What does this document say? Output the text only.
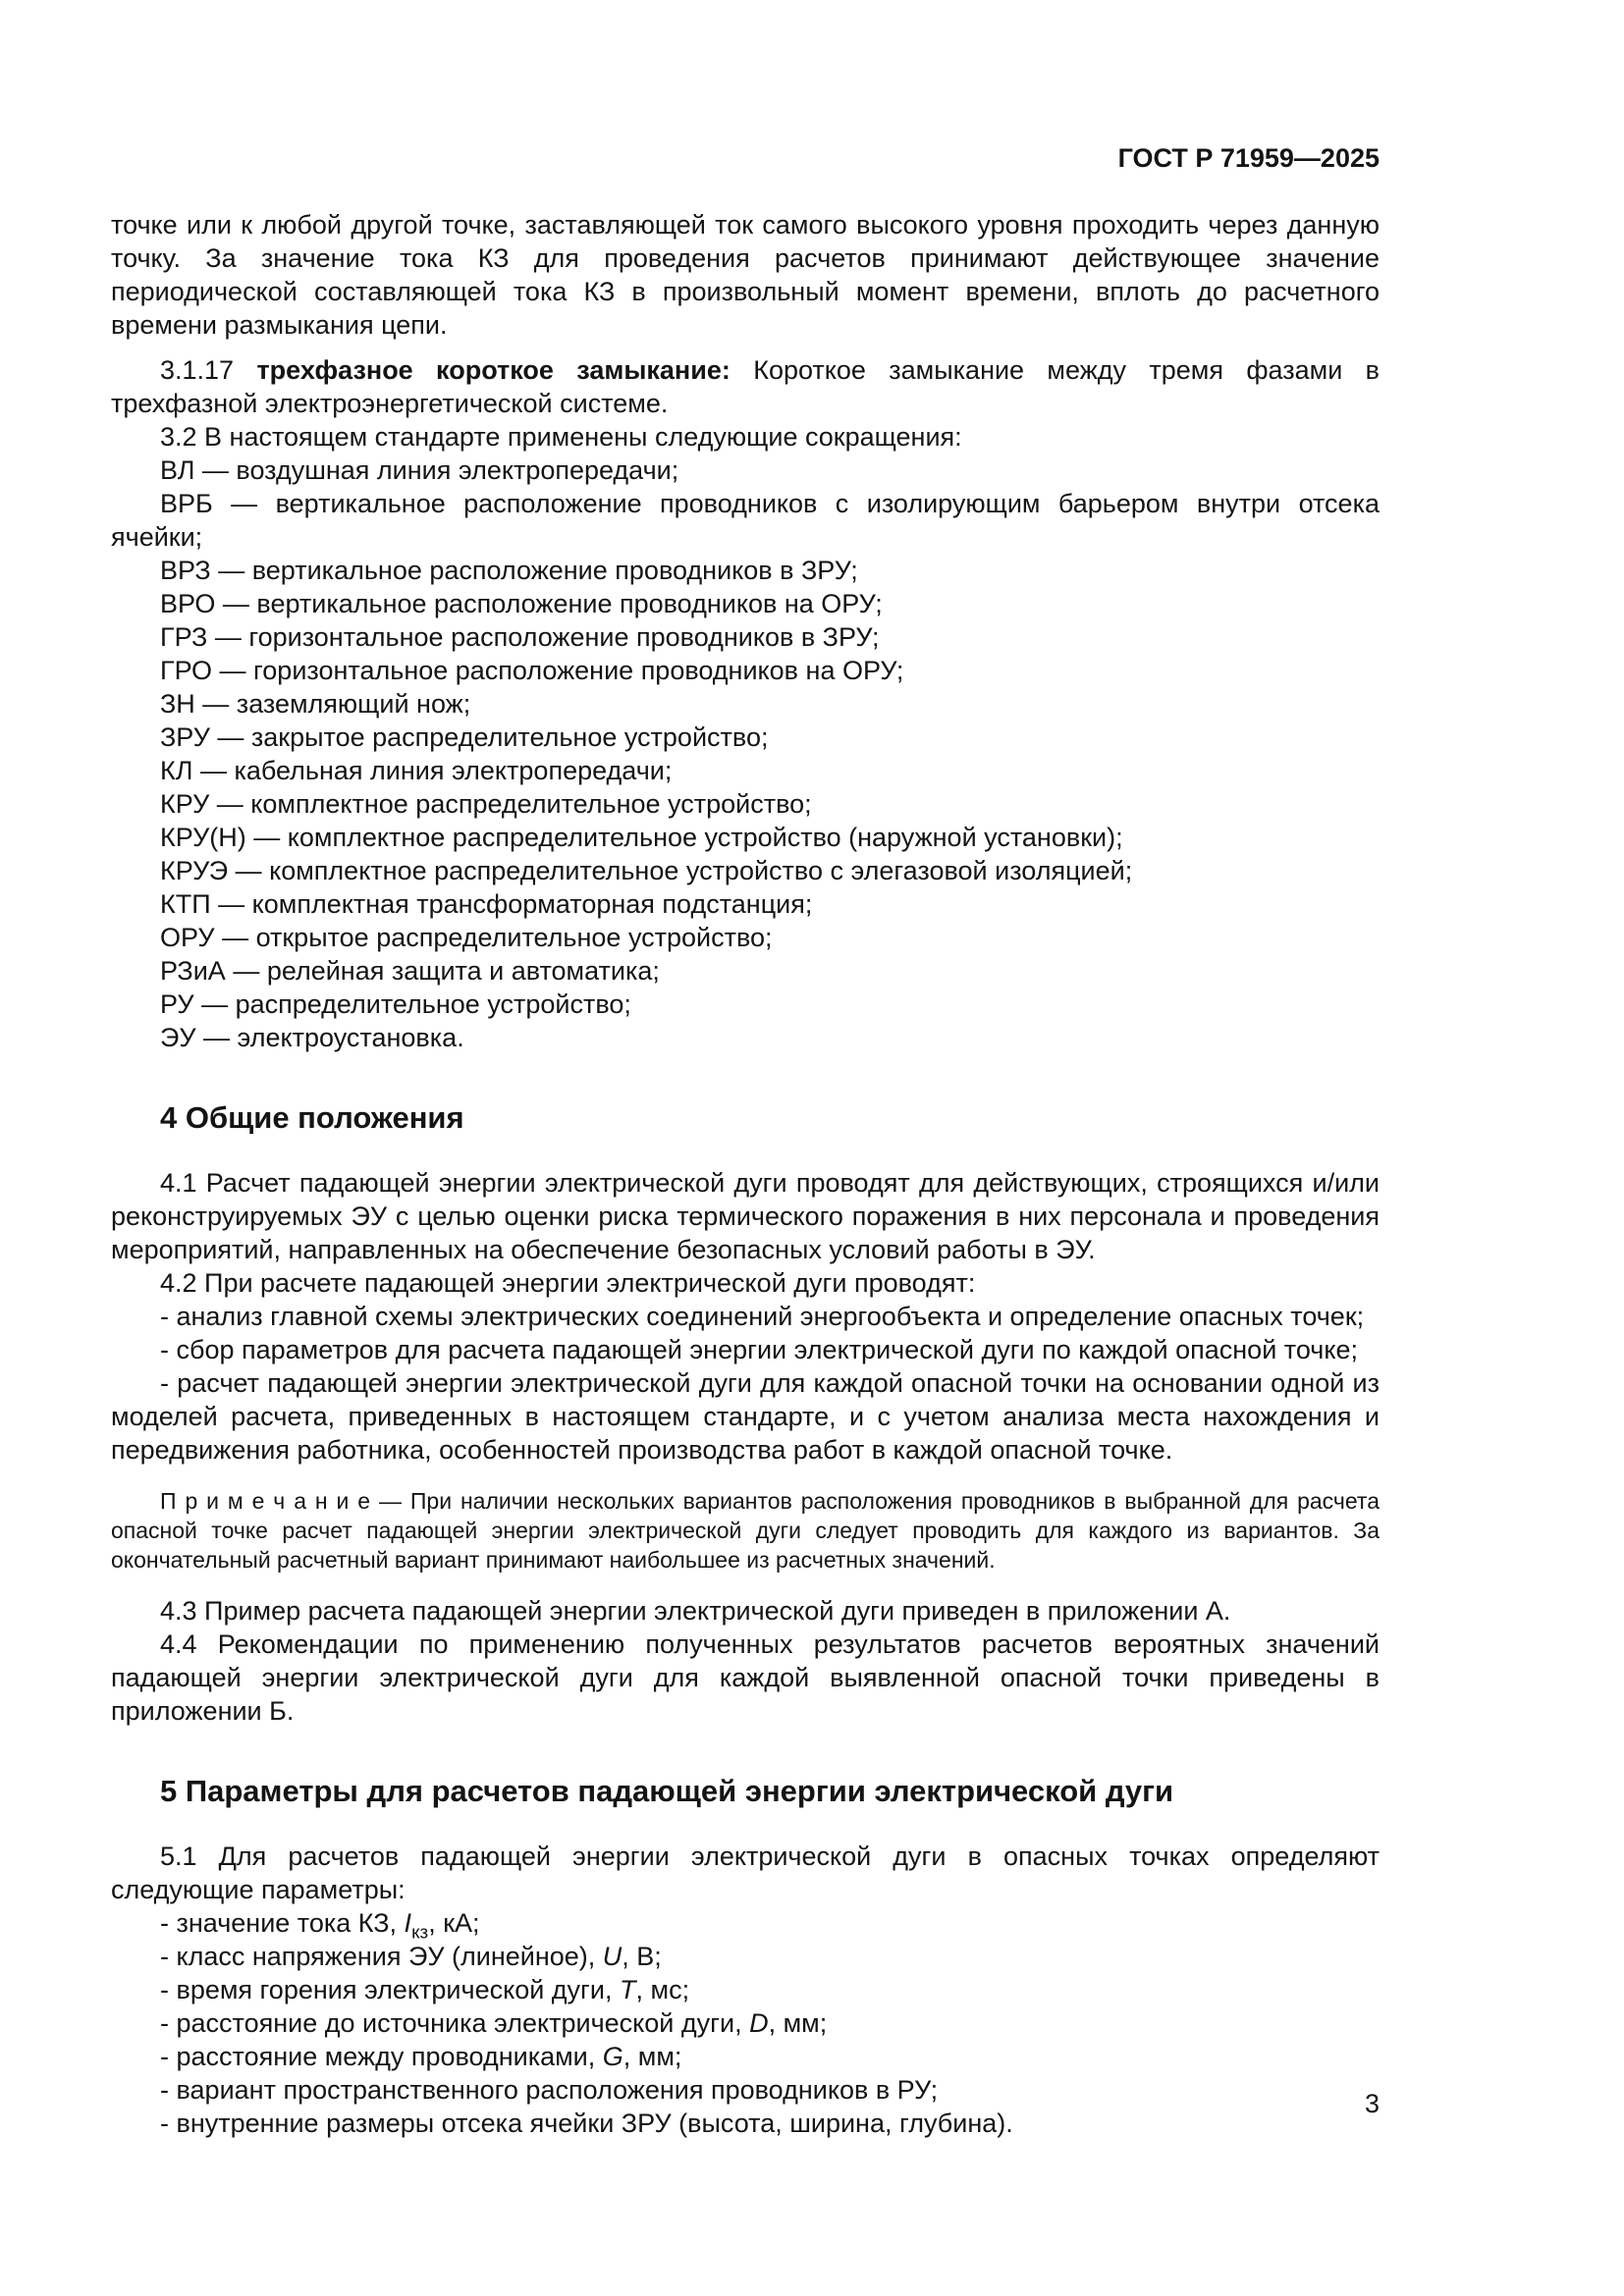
ГОСТ Р 71959—2025

точке или к любой другой точке, заставляющей ток самого высокого уровня проходить через данную точку. За значение тока КЗ для проведения расчетов принимают действующее значение периодической составляющей тока КЗ в произвольный момент времени, вплоть до расчетного времени размыкания цепи.

3.1.17 трехфазное короткое замыкание: Короткое замыкание между тремя фазами в трехфазной электроэнергетической системе.

3.2 В настоящем стандарте применены следующие сокращения:

ВЛ — воздушная линия электропередачи;

ВРБ — вертикальное расположение проводников с изолирующим барьером внутри отсека ячейки;

ВРЗ — вертикальное расположение проводников в ЗРУ;

ВРО — вертикальное расположение проводников на ОРУ;

ГРЗ — горизонтальное расположение проводников в ЗРУ;

ГРО — горизонтальное расположение проводников на ОРУ;

ЗН — заземляющий нож;

ЗРУ — закрытое распределительное устройство;

КЛ — кабельная линия электропередачи;

КРУ — комплектное распределительное устройство;

КРУ(Н) — комплектное распределительное устройство (наружной установки);

КРУЭ — комплектное распределительное устройство с элегазовой изоляцией;

КТП — комплектная трансформаторная подстанция;

ОРУ — открытое распределительное устройство;

РЗиА — релейная защита и автоматика;

РУ — распределительное устройство;

ЭУ — электроустановка.

4 Общие положения

4.1 Расчет падающей энергии электрической дуги проводят для действующих, строящихся и/или реконструируемых ЭУ с целью оценки риска термического поражения в них персонала и проведения мероприятий, направленных на обеспечение безопасных условий работы в ЭУ.

4.2 При расчете падающей энергии электрической дуги проводят:

- анализ главной схемы электрических соединений энергообъекта и определение опасных точек;

- сбор параметров для расчета падающей энергии электрической дуги по каждой опасной точке;

- расчет падающей энергии электрической дуги для каждой опасной точки на основании одной из моделей расчета, приведенных в настоящем стандарте, и с учетом анализа места нахождения и передвижения работника, особенностей производства работ в каждой опасной точке.

П р и м е ч а н и е — При наличии нескольких вариантов расположения проводников в выбранной для расчета опасной точке расчет падающей энергии электрической дуги следует проводить для каждого из вариантов. За окончательный расчетный вариант принимают наибольшее из расчетных значений.

4.3 Пример расчета падающей энергии электрической дуги приведен в приложении А.

4.4 Рекомендации по применению полученных результатов расчетов вероятных значений падающей энергии электрической дуги для каждой выявленной опасной точки приведены в приложении Б.

5 Параметры для расчетов падающей энергии электрической дуги

5.1 Для расчетов падающей энергии электрической дуги в опасных точках определяют следующие параметры:

- значение тока КЗ, $I_{кз}$, кА;

- класс напряжения ЭУ (линейное), U, В;

- время горения электрической дуги, T, мс;

- расстояние до источника электрической дуги, D, мм;

- расстояние между проводниками, G, мм;

- вариант пространственного расположения проводников в РУ;

- внутренние размеры отсека ячейки ЗРУ (высота, ширина, глубина).

3
